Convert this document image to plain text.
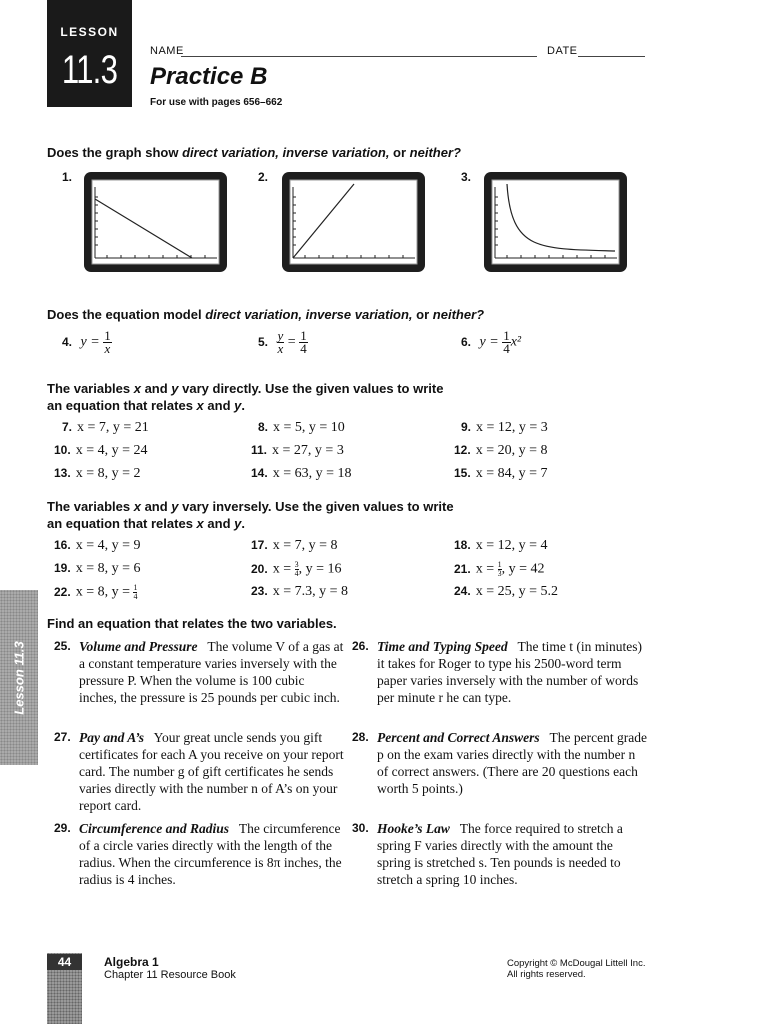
LESSON
11.3	NAME	DATE
Practice B
For use with pages 656–662
Does the graph show direct variation, inverse variation, or neither?
1.	2.	3.
Does the equation model direct variation, inverse variation, or neither?
4. $y = \frac{1}{x}$	5. $\frac{y}{x} = \frac{1}{4}$	6. $y = \frac{1}{4} x^2$
The variables x and y vary directly. Use the given values to write
an equation that relates x and y.
7. x = 7, y = 21	8. x = 5, y = 10	9. x = 12, y = 3
10. x = 4, y = 24	11. x = 27, y = 3	12. x = 20, y = 8
13. x = 8, y = 2	14. x = 63, y = 18	15. x = 84, y = 7
The variables x and y vary inversely. Use the given values to write
an equation that relates x and y.
16. x = 4, y = 9	17. x = 7, y = 8	18. x = 12, y = 4
19. x = 8, y = 6	20. $x = \frac{3}{4}$ , y = 16	21. $x = \frac{1}{3}$ , y = 42
22. x = 8, $y = \frac{1}{4}$	23. x = 7.3, y = 8	24. x = 25, y = 5.2
Find an equation that relates the two variables.
25. Volume and Pressure The volume V of a gas at a constant temperature varies inversely with the pressure P. When the volume is 100 cubic inches, the pressure is 25 pounds per cubic inch.
26. Time and Typing Speed The time t (in minutes) it takes for Roger to type his 2500-word term paper varies inversely with the number of words per minute r he can type.
27. Pay and A’s Your great uncle sends you gift certificates for each A you receive on your report card. The number g of gift certificates he sends varies directly with the number n of A’s on your report card.
28. Percent and Correct Answers The percent grade p on the exam varies directly with the number n of correct answers. (There are 20 questions each worth 5 points.)
29. Circumference and Radius The circumference of a circle varies directly with the length of the radius. When the circumference is 8π inches, the radius is 4 inches.
30. Hooke’s Law The force required to stretch a spring F varies directly with the amount the spring is stretched s. Ten pounds is needed to stretch a spring 10 inches.
Lesson 11.3
44	Algebra 1
Chapter 11 Resource Book
Copyright © McDougal Littell Inc.
All rights reserved.
